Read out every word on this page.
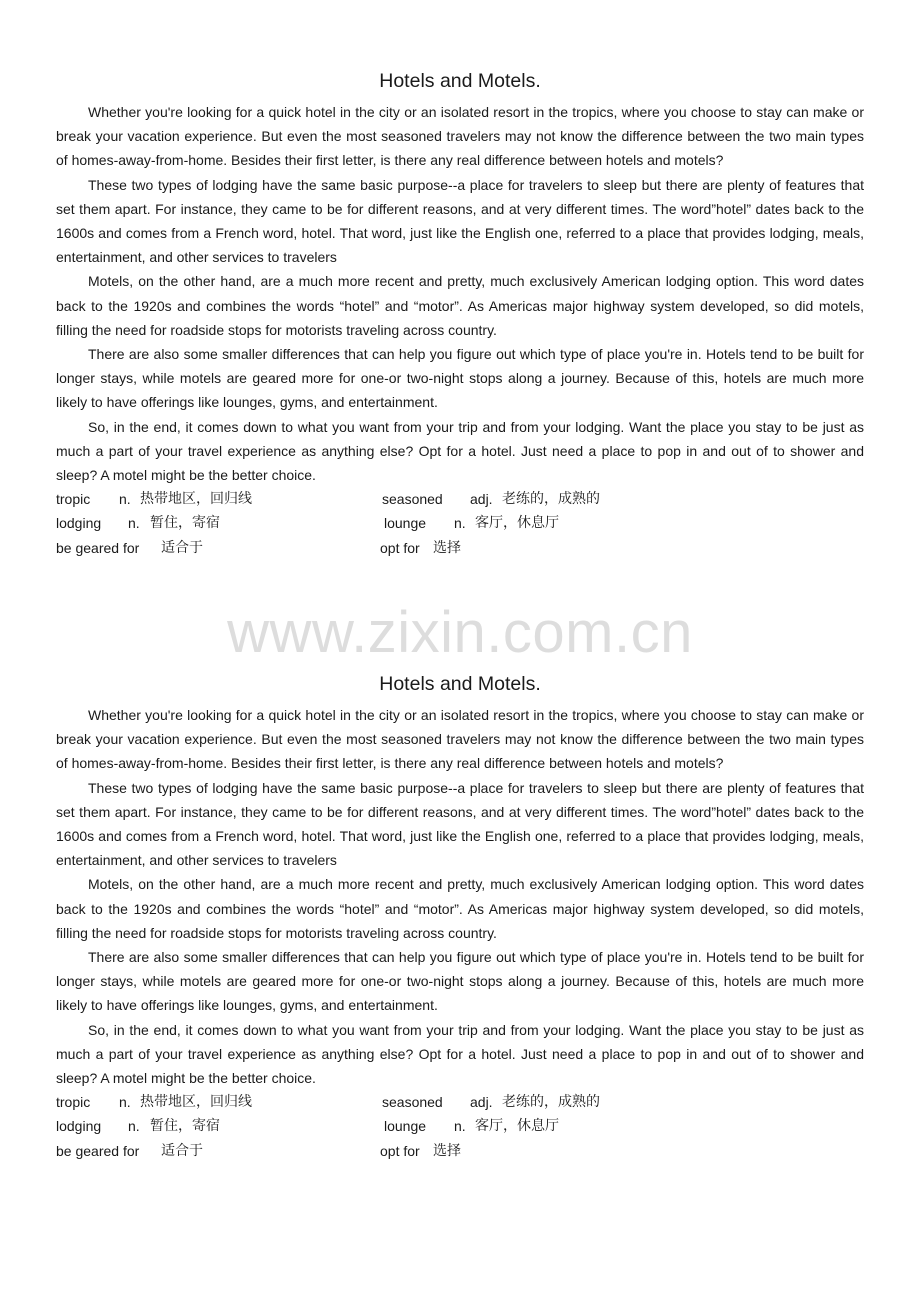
Hotels and Motels.

Whether you're looking for a quick hotel in the city or an isolated resort in the tropics, where you choose to stay can make or break your vacation experience. But even the most seasoned travelers may not know the difference between the two main types of homes-away-from-home. Besides their first letter, is there any real difference between hotels and motels?

These two types of lodging have the same basic purpose--a place for travelers to sleep but there are plenty of features that set them apart. For instance, they came to be for different reasons, and at very different times. The word”hotel” dates back to the 1600s and comes from a French word, hotel. That word, just like the English one, referred to a place that provides lodging, meals, entertainment, and other services to travelers

Motels, on the other hand, are a much more recent and pretty, much exclusively American lodging option. This word dates back to the 1920s and combines the words “hotel” and “motor”. As Americas major highway system developed, so did motels, filling the need for roadside stops for motorists traveling across country.

There are also some smaller differences that can help you figure out which type of place you're in. Hotels tend to be built for longer stays, while motels are geared more for one-or two-night stops along a journey. Because of this, hotels are much more likely to have offerings like lounges, gyms, and entertainment.

So, in the end, it comes down to what you want from your trip and from your lodging. Want the place you stay to be just as much a part of your travel experience as anything else? Opt for a hotel. Just need a place to pop in and out of to shower and sleep? A motel might be the better choice.

tropic n. 热带地区，回归线	seasoned adj. 老练的，成熟的
lodging n. 暂住，寄宿	lounge n. 客厅，休息厅
be geared for 适合于	opt for 选择
www.zixin.com.cn
Hotels and Motels.

Whether you're looking for a quick hotel in the city or an isolated resort in the tropics, where you choose to stay can make or break your vacation experience. But even the most seasoned travelers may not know the difference between the two main types of homes-away-from-home. Besides their first letter, is there any real difference between hotels and motels?

These two types of lodging have the same basic purpose--a place for travelers to sleep but there are plenty of features that set them apart. For instance, they came to be for different reasons, and at very different times. The word”hotel” dates back to the 1600s and comes from a French word, hotel. That word, just like the English one, referred to a place that provides lodging, meals, entertainment, and other services to travelers

Motels, on the other hand, are a much more recent and pretty, much exclusively American lodging option. This word dates back to the 1920s and combines the words “hotel” and “motor”. As Americas major highway system developed, so did motels, filling the need for roadside stops for motorists traveling across country.

There are also some smaller differences that can help you figure out which type of place you're in. Hotels tend to be built for longer stays, while motels are geared more for one-or two-night stops along a journey. Because of this, hotels are much more likely to have offerings like lounges, gyms, and entertainment.

So, in the end, it comes down to what you want from your trip and from your lodging. Want the place you stay to be just as much a part of your travel experience as anything else? Opt for a hotel. Just need a place to pop in and out of to shower and sleep? A motel might be the better choice.

tropic n. 热带地区，回归线	seasoned adj. 老练的，成熟的
lodging n. 暂住，寄宿	lounge n. 客厅，休息厅
be geared for 适合于	opt for 选择
